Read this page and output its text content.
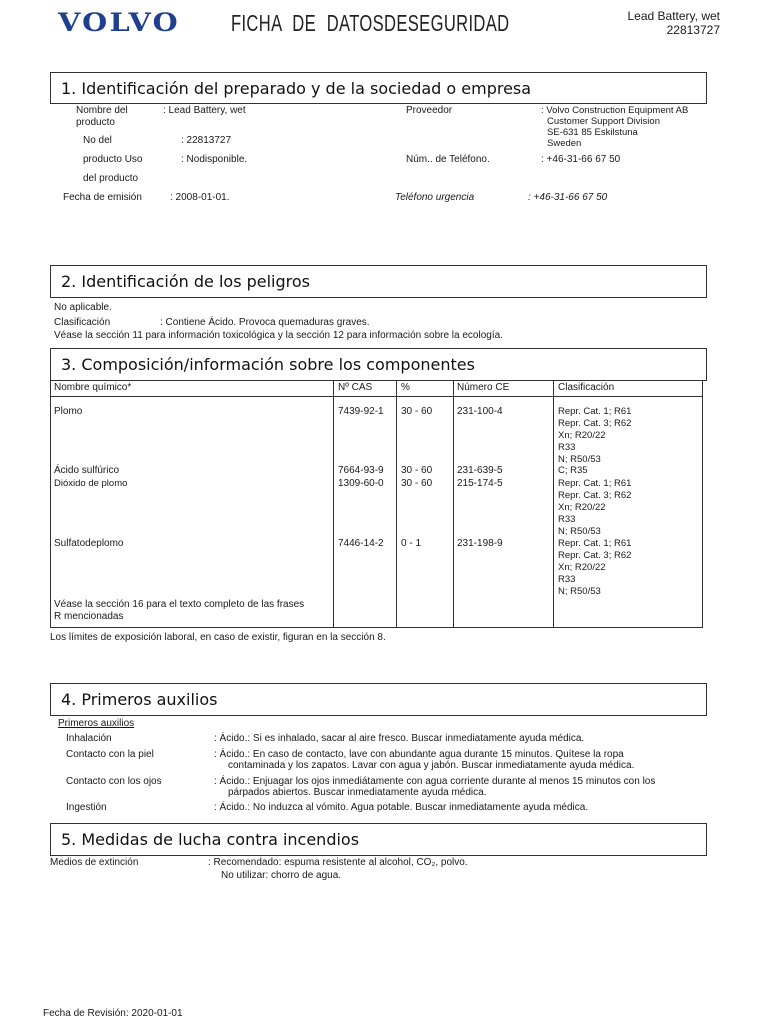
VOLVO FICHA DE DATOSDESEGURIDAD	Lead Battery, wet
22813727
1. Identificación del preparado y de la sociedad o empresa
Nombre del
producto
: Lead Battery, wet
No del	: 22813727
producto Uso	: Nodisponible.
del producto
Fecha de emisión	: 2008-01-01.
Proveedor	: Volvo Construction Equipment AB
Customer Support Division
SE-631 85 Eskilstuna
Sweden
Núm.. de Teléfono.	: +46-31-66 67 50
Teléfono urgencia	: +46-31-66 67 50
2. Identificación de los peligros
No aplicable.
Clasificación	: Contiene Ácido. Provoca quemaduras graves.
Véase la sección 11 para información toxicológica y la sección 12 para información sobre la ecología.
3. Composición/información sobre los componentes
Nombre químico*	Nº CAS	%	Número CE	Clasificación
Plomo	7439-92-1 30 - 60 231-100-4	Repr. Cat. 1; R61
Repr. Cat. 3; R62
Xn; R20/22
R33
N; R50/53
Ácido sulfúrico	7664-93-9 30 - 60 231-639-5	C; R35
Dióxido de plomo	1309-60-0 30 - 60 215-174-5	Repr. Cat. 1; R61
Repr. Cat. 3; R62
Xn; R20/22
R33
N; R50/53
Sulfatodeplomo	7446-14-2 0 - 1	231-198-9	Repr. Cat. 1; R61
Repr. Cat. 3; R62
Xn; R20/22
R33
N; R50/53
Véase la sección 16 para el texto completo de las frases
R mencionadas
Los límites de exposición laboral, en caso de existir, figuran en la sección 8.
4. Primeros auxilios
Primeros auxilios
Inhalación	: Ácido.: Si es inhalado, sacar al aire fresco. Buscar inmediatamente ayuda médica.
Contacto con la piel	: Ácido.: En caso de contacto, lave con abundante agua durante 15 minutos. Quítese la ropa
contaminada y los zapatos. Lavar con agua y jabón. Buscar inmediatamente ayuda médica.
Contacto con los ojos	: Ácido.: Enjuagar los ojos inmediátamente con agua corriente durante al menos 15 minutos con los
párpados abiertos. Buscar inmediatamente ayuda médica.
Ingestión	: Ácido.: No induzca al vómito. Agua potable. Buscar inmediatamente ayuda médica.
5. Medidas de lucha contra incendios
Medios de extinción	: Recomendado: espuma resistente al alcohol, CO₂, polvo.
No utilizar: chorro de agua.
Fecha de Revisión: 2020-01-01
